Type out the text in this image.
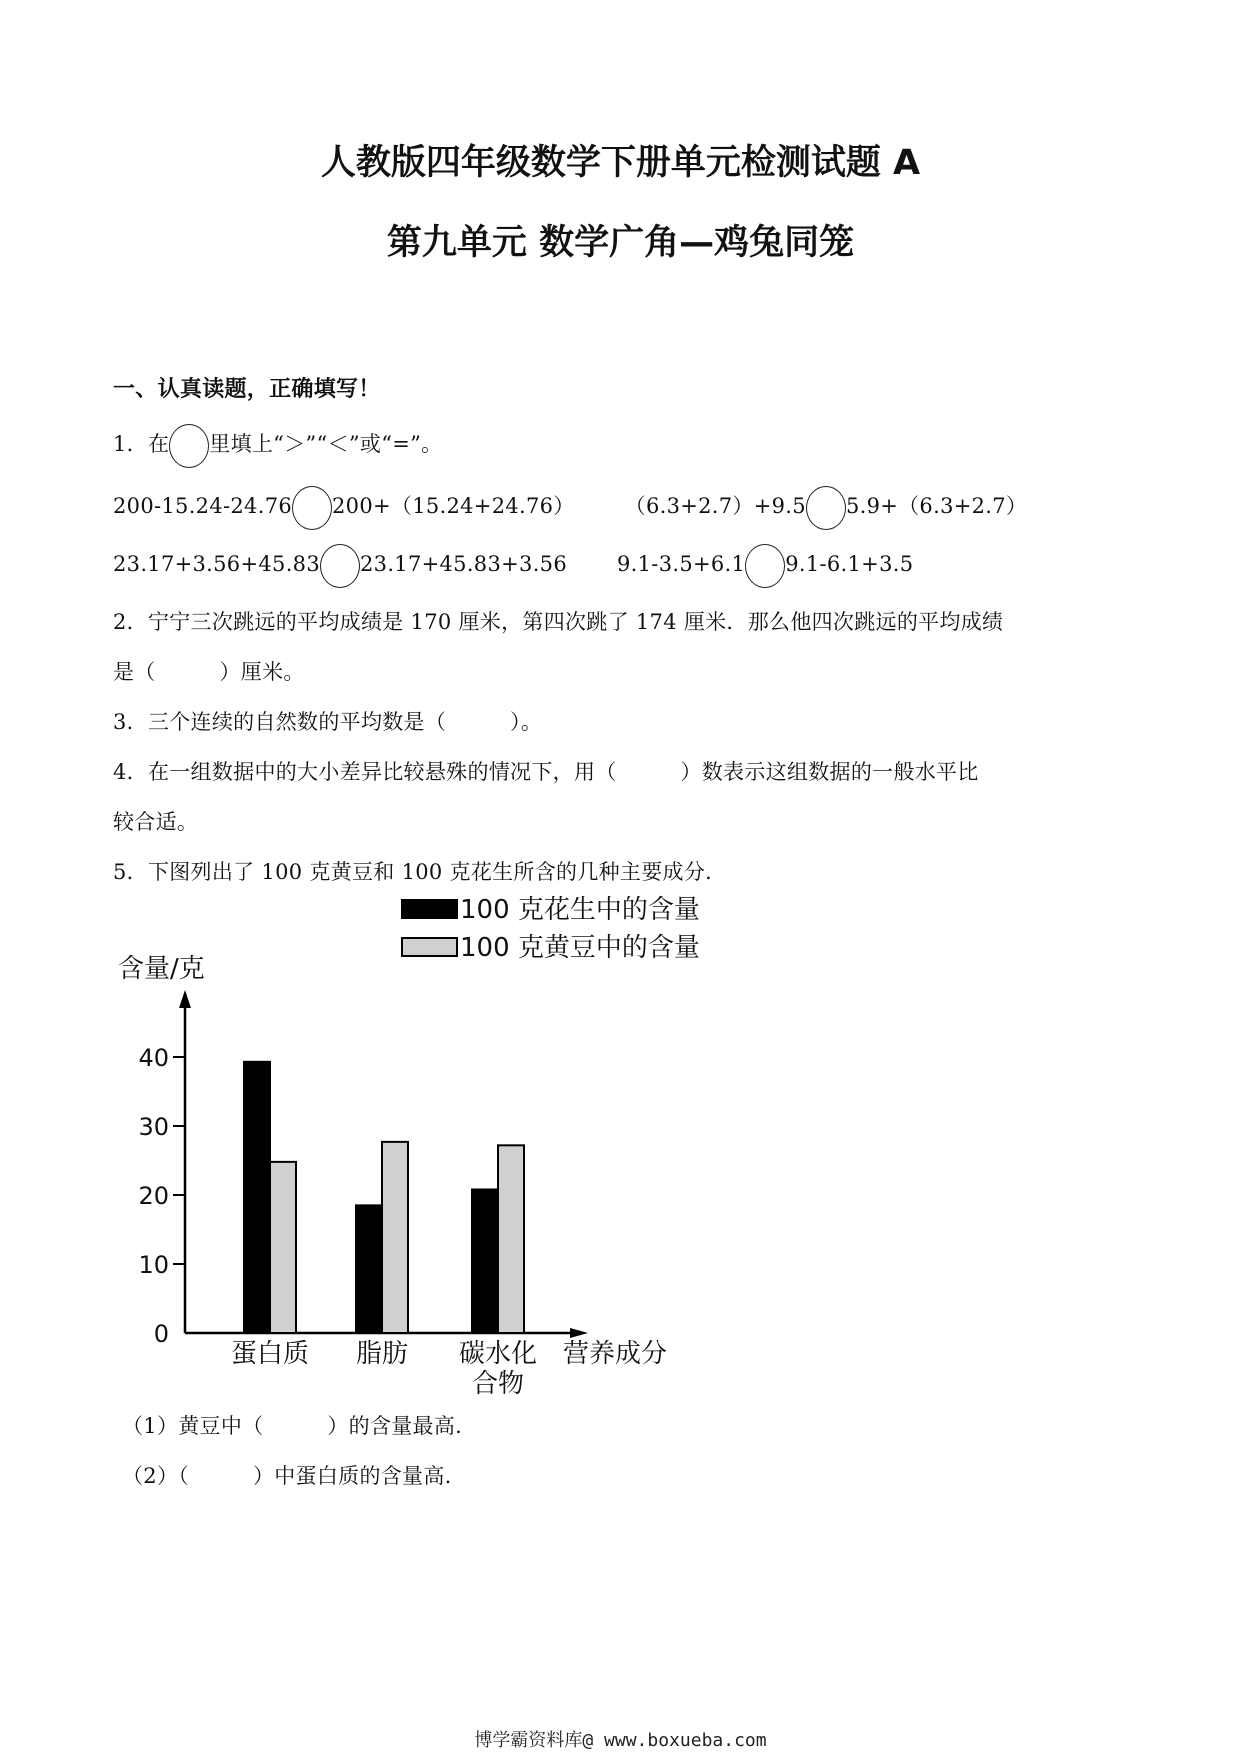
人教版四年级数学下册单元检测试题 A
第九单元 数学广角—鸡兔同笼
一、认真读题，正确填写！
1．在 里填上“＞”“＜”或“=”。
200-15.24-24.76 200+（15.24+24.76） （6.3+2.7）+9.5 5.9+（6.3+2.7）
23.17+3.56+45.83 23.17+45.83+3.56 9.1-3.5+6.1 9.1-6.1+3.5
2．宁宁三次跳远的平均成绩是 170 厘米，第四次跳了 174 厘米．那么他四次跳远的平均成绩
是（　　　）厘米。
3．三个连续的自然数的平均数是（　　　）。
4．在一组数据中的大小差异比较悬殊的情况下，用（　　　）数表示这组数据的一般水平比
较合适。
5．下图列出了 100 克黄豆和 100 克花生所含的几种主要成分．
100 克花生中的含量
100 克黄豆中的含量
含量/克
营养成分
0
10
20
30
40
蛋白质 脂肪 碳水化
合物
（1）黄豆中（　　　）的含量最高.
（2）（　　　）中蛋白质的含量高.
博学霸资料库@ www.boxueba.com
